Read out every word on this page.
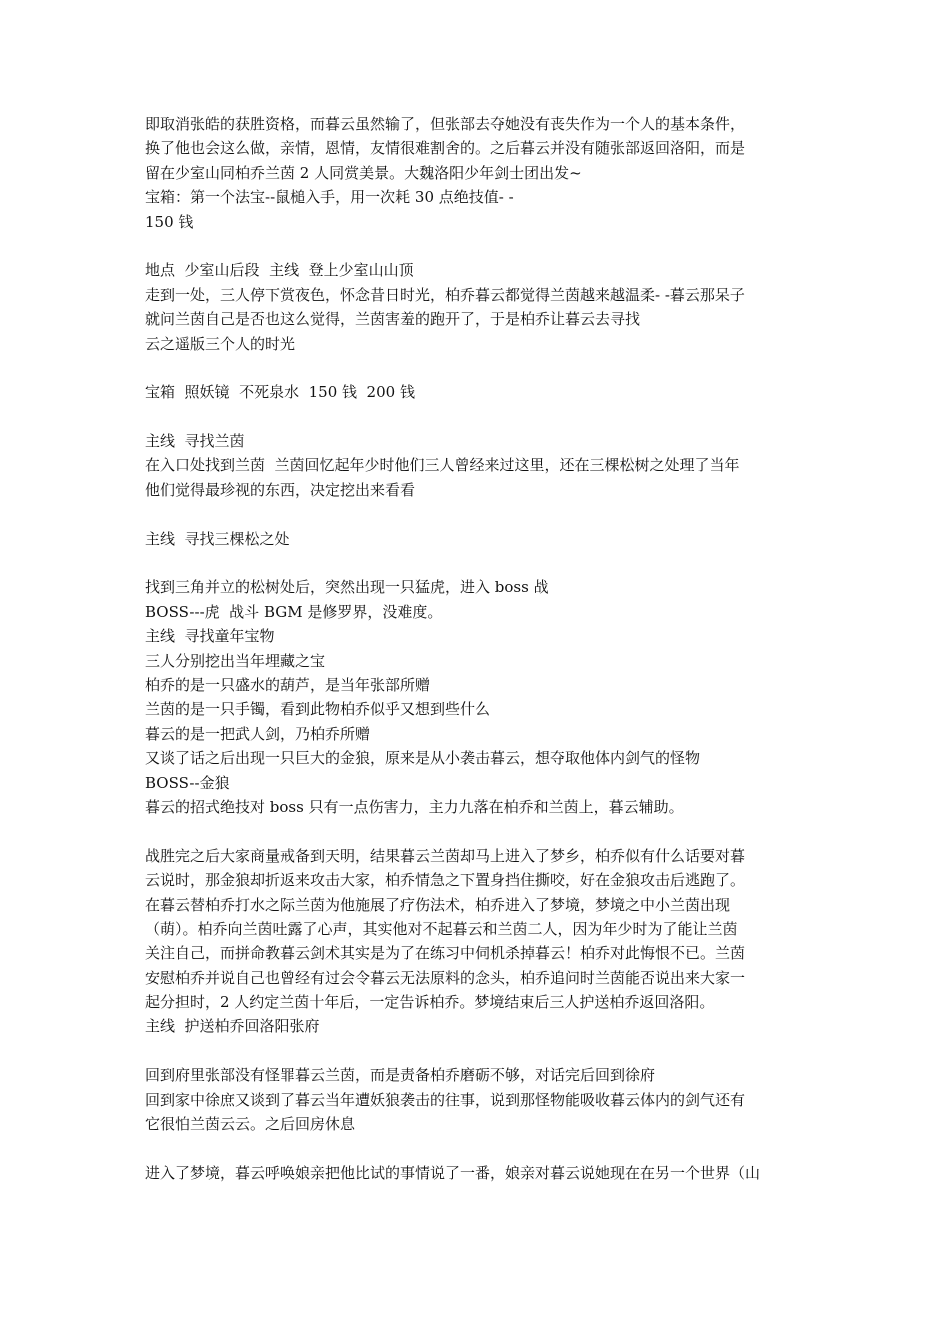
即取消张皓的获胜资格，而暮云虽然输了，但张部去夺她没有丧失作为一个人的基本条件，
换了他也会这么做，亲情，恩情，友情很难割舍的。之后暮云并没有随张部返回洛阳，而是
留在少室山同柏乔兰茵 2 人同赏美景。大魏洛阳少年剑士团出发~
宝箱：第一个法宝--鼠槌入手，用一次耗 30 点绝技值- -
150 钱
地点  少室山后段  主线  登上少室山山顶
走到一处，三人停下赏夜色，怀念昔日时光，柏乔暮云都觉得兰茵越来越温柔- -暮云那呆子
就问兰茵自己是否也这么觉得，兰茵害羞的跑开了，于是柏乔让暮云去寻找
云之遥版三个人的时光
宝箱  照妖镜  不死泉水  150 钱  200 钱
主线  寻找兰茵
在入口处找到兰茵  兰茵回忆起年少时他们三人曾经来过这里，还在三棵松树之处理了当年
他们觉得最珍视的东西，决定挖出来看看
主线  寻找三棵松之处
找到三角并立的松树处后，突然出现一只猛虎，进入 boss 战
BOSS---虎  战斗 BGM 是修罗界，没难度。
主线  寻找童年宝物
三人分别挖出当年埋藏之宝
柏乔的是一只盛水的葫芦，是当年张部所赠
兰茵的是一只手镯，看到此物柏乔似乎又想到些什么
暮云的是一把武人剑，乃柏乔所赠
又谈了话之后出现一只巨大的金狼，原来是从小袭击暮云，想夺取他体内剑气的怪物
BOSS--金狼
暮云的招式绝技对 boss 只有一点伤害力，主力九落在柏乔和兰茵上，暮云辅助。
战胜完之后大家商量戒备到天明，结果暮云兰茵却马上进入了梦乡，柏乔似有什么话要对暮
云说时，那金狼却折返来攻击大家，柏乔情急之下置身挡住撕咬，好在金狼攻击后逃跑了。
在暮云替柏乔打水之际兰茵为他施展了疗伤法术，柏乔进入了梦境，梦境之中小兰茵出现
（萌）。柏乔向兰茵吐露了心声，其实他对不起暮云和兰茵二人，因为年少时为了能让兰茵
关注自己，而拼命教暮云剑术其实是为了在练习中伺机杀掉暮云！柏乔对此悔恨不已。兰茵
安慰柏乔并说自己也曾经有过会令暮云无法原料的念头，柏乔追问时兰茵能否说出来大家一
起分担时，2 人约定兰茵十年后，一定告诉柏乔。梦境结束后三人护送柏乔返回洛阳。
主线  护送柏乔回洛阳张府
回到府里张部没有怪罪暮云兰茵，而是责备柏乔磨砺不够，对话完后回到徐府
回到家中徐庶又谈到了暮云当年遭妖狼袭击的往事，说到那怪物能吸收暮云体内的剑气还有
它很怕兰茵云云。之后回房休息
进入了梦境，暮云呼唤娘亲把他比试的事情说了一番，娘亲对暮云说她现在在另一个世界（山
